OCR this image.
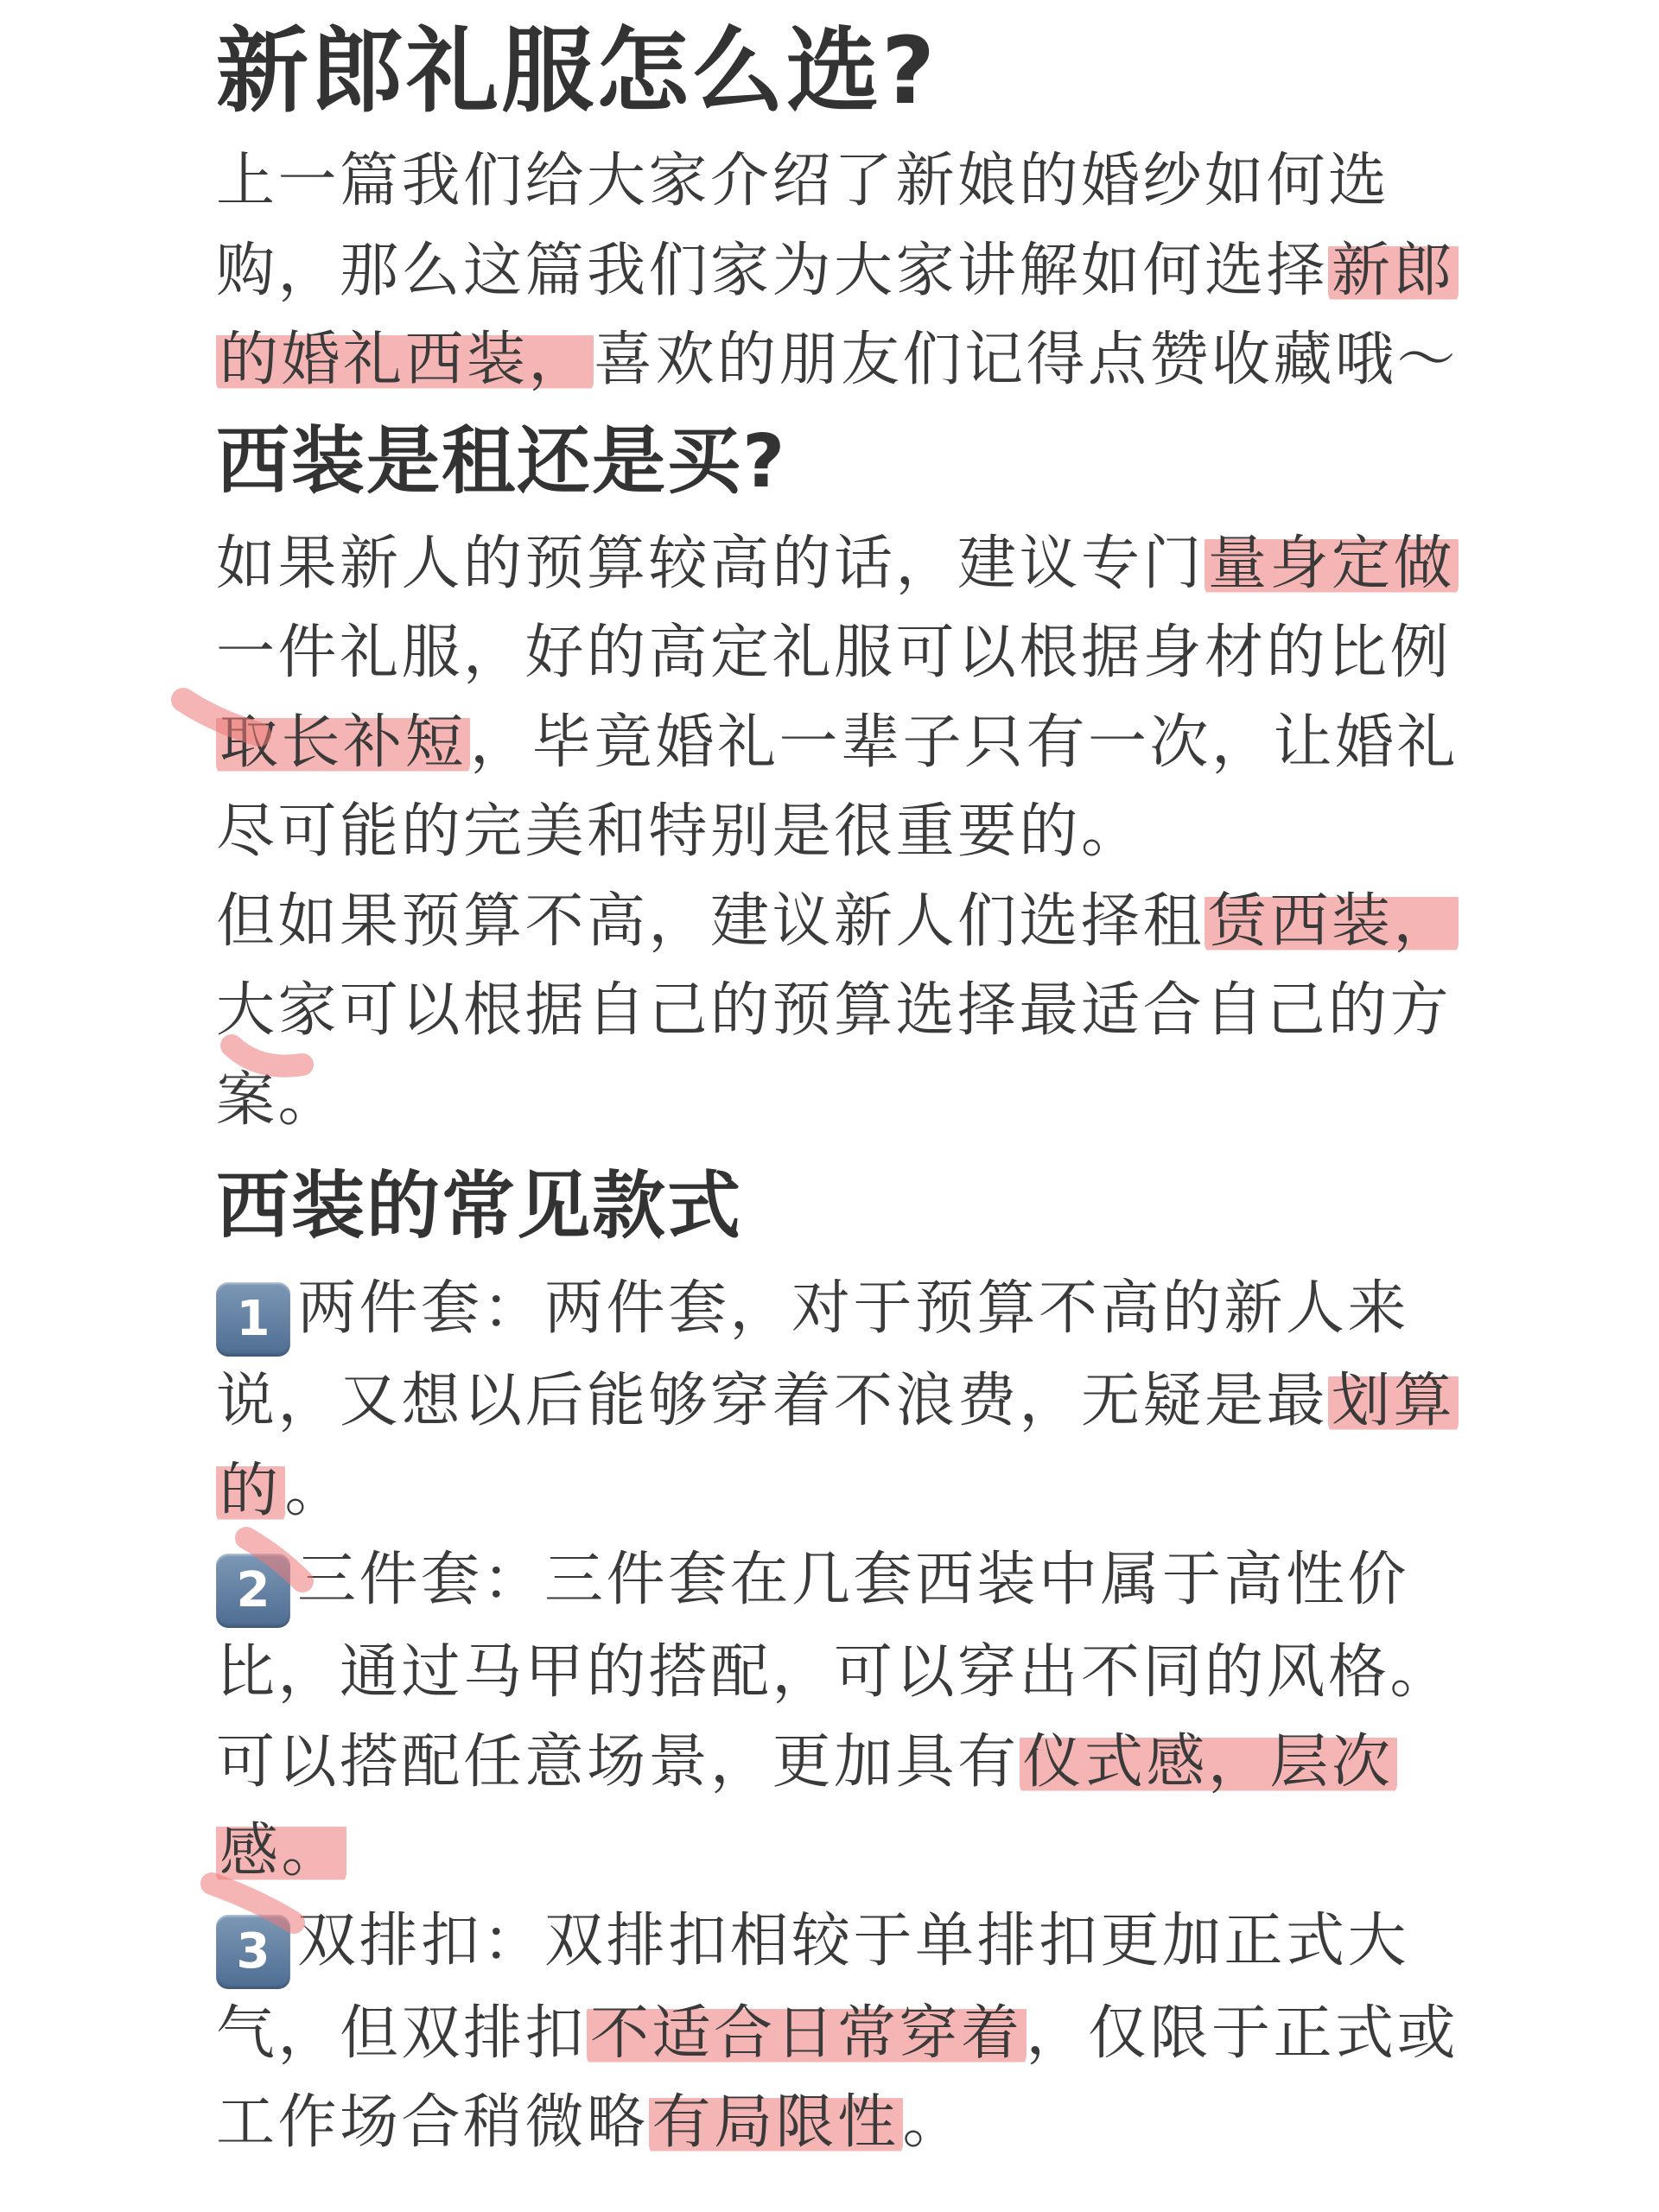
新郎礼服怎么选?

上一篇我们给大家介绍了新娘的婚纱如何选购，那么这篇我们家为大家讲解如何选择新郎的婚礼西装，喜欢的朋友们记得点赞收藏哦～

西装是租还是买?

如果新人的预算较高的话，建议专门量身定做一件礼服，好的高定礼服可以根据身材的比例取长补短，毕竟婚礼一辈子只有一次，让婚礼尽可能的完美和特别是很重要的。

但如果预算不高，建议新人们选择租赁西装，大家可以根据自己的预算选择最适合自己的方案。

西装的常见款式

1 两件套：两件套，对于预算不高的新人来说，又想以后能够穿着不浪费，无疑是最划算的。

2 三件套：三件套在几套西装中属于高性价比，通过马甲的搭配，可以穿出不同的风格。可以搭配任意场景，更加具有仪式感，层次感。

3 双排扣：双排扣相较于单排扣更加正式大气，但双排扣不适合日常穿着，仅限于正式或工作场合稍微略有局限性。
